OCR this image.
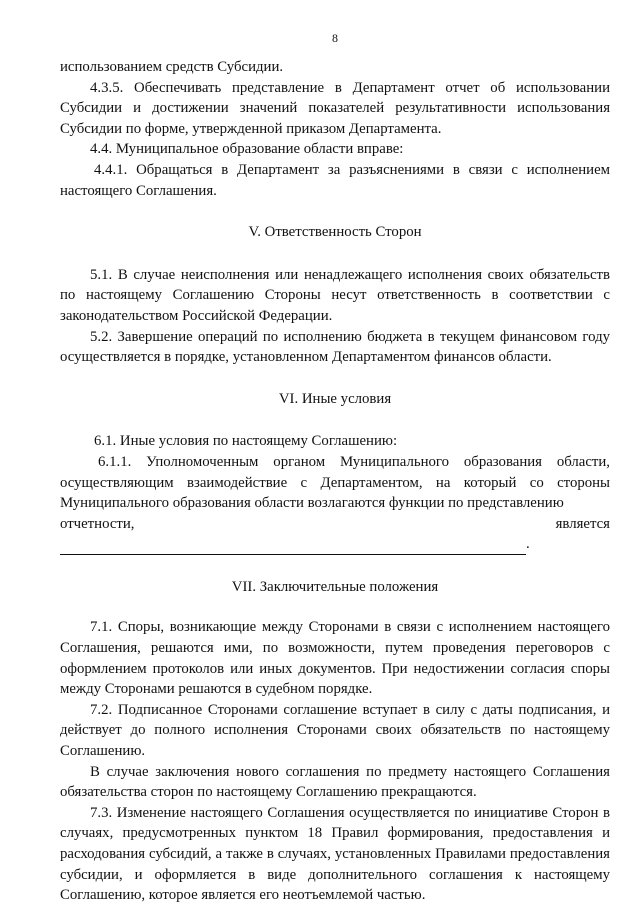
8

использованием средств Субсидии.

4.3.5. Обеспечивать представление в Департамент отчет об использовании Субсидии и достижении значений показателей результативности использования Субсидии по форме, утвержденной приказом Департамента.

4.4. Муниципальное образование области вправе:

4.4.1. Обращаться в Департамент за разъяснениями в связи с исполнением настоящего Соглашения.

V. Ответственность Сторон

5.1. В случае неисполнения или ненадлежащего исполнения своих обязательств по настоящему Соглашению Стороны несут ответственность в соответствии с законодательством Российской Федерации.

5.2. Завершение операций по исполнению бюджета в текущем финансовом году осуществляется в порядке, установленном Департаментом финансов области.

VI. Иные условия

6.1. Иные условия по настоящему Соглашению:

6.1.1. Уполномоченным органом Муниципального образования области, осуществляющим взаимодействие с Департаментом, на который со стороны Муниципального образования области возлагаются функции по представлению

отчетности,	является
.
VII. Заключительные положения

7.1. Споры, возникающие между Сторонами в связи с исполнением настоящего Соглашения, решаются ими, по возможности, путем проведения переговоров с оформлением протоколов или иных документов. При недостижении согласия споры между Сторонами решаются в судебном порядке.

7.2. Подписанное Сторонами соглашение вступает в силу с даты подписания, и действует до полного исполнения Сторонами своих обязательств по настоящему Соглашению.

В случае заключения нового соглашения по предмету настоящего Соглашения обязательства сторон по настоящему Соглашению прекращаются.

7.3. Изменение настоящего Соглашения осуществляется по инициативе Сторон в случаях, предусмотренных пунктом 18 Правил формирования, предоставления и расходования субсидий, а также в случаях, установленных Правилами предоставления субсидии, и оформляется в виде дополнительного соглашения к настоящему Соглашению, которое является его неотъемлемой частью.
